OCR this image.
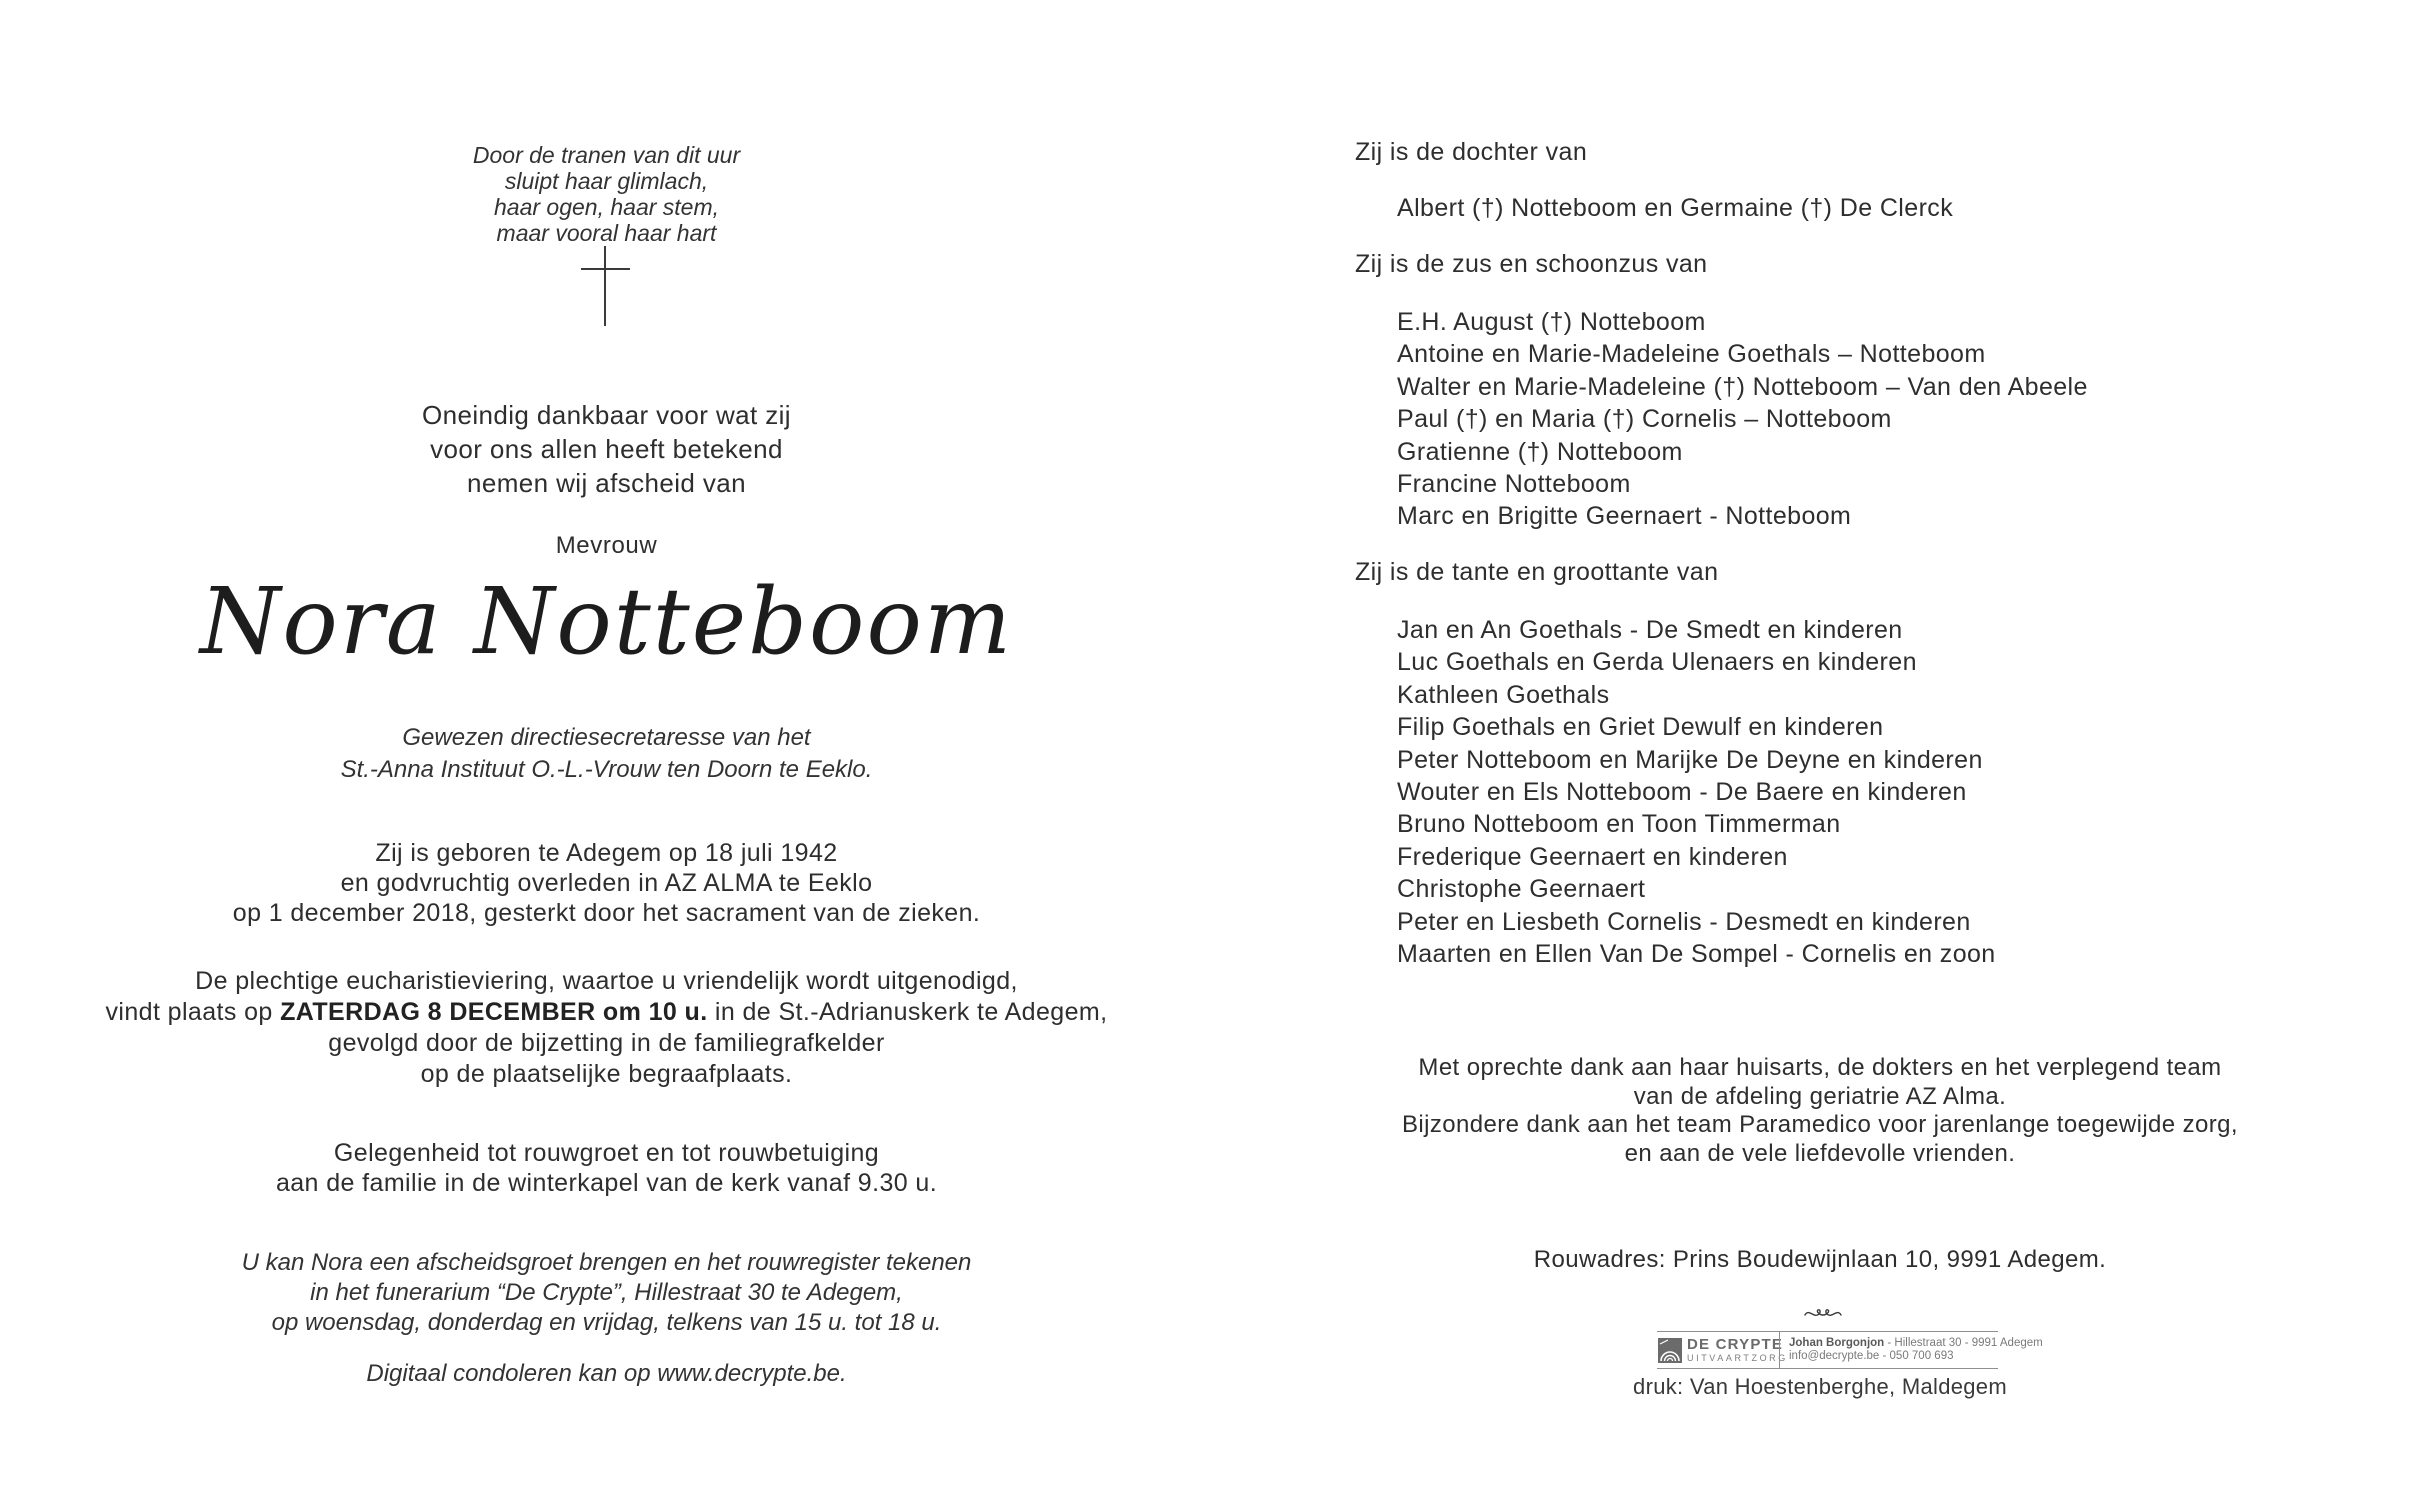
Door de tranen van dit uur
sluipt haar glimlach,
haar ogen, haar stem,
maar vooral haar hart
Oneindig dankbaar voor wat zij
voor ons allen heeft betekend
nemen wij afscheid van
Mevrouw
Nora Notteboom
Gewezen directiesecretaresse van het
St.-Anna Instituut O.-L.-Vrouw ten Doorn te Eeklo.
Zij is geboren te Adegem op 18 juli 1942
en godvruchtig overleden in AZ ALMA te Eeklo
op 1 december 2018, gesterkt door het sacrament van de zieken.
De plechtige eucharistieviering, waartoe u vriendelijk wordt uitgenodigd,
vindt plaats op ZATERDAG 8 DECEMBER om 10 u. in de St.-Adrianuskerk te Adegem,
gevolgd door de bijzetting in de familiegrafkelder
op de plaatselijke begraafplaats.
Gelegenheid tot rouwgroet en tot rouwbetuiging
aan de familie in de winterkapel van de kerk vanaf 9.30 u.
U kan Nora een afscheidsgroet brengen en het rouwregister tekenen
in het funerarium “De Crypte”, Hillestraat 30 te Adegem,
op woensdag, donderdag en vrijdag, telkens van 15 u. tot 18 u.
Digitaal condoleren kan op www.decrypte.be.
Zij is de dochter van
Albert (†) Notteboom en Germaine (†) De Clerck
Zij is de zus en schoonzus van
E.H. August (†) Notteboom
Antoine en Marie-Madeleine Goethals – Notteboom
Walter en Marie-Madeleine (†) Notteboom – Van den Abeele
Paul (†) en Maria (†) Cornelis – Notteboom
Gratienne (†) Notteboom
Francine Notteboom
Marc en Brigitte Geernaert - Notteboom
Zij is de tante en groottante van
Jan en An Goethals - De Smedt en kinderen
Luc Goethals en Gerda Ulenaers en kinderen
Kathleen Goethals
Filip Goethals en Griet Dewulf en kinderen
Peter Notteboom en Marijke De Deyne en kinderen
Wouter en Els Notteboom - De Baere en kinderen
Bruno Notteboom en Toon Timmerman
Frederique Geernaert en kinderen
Christophe Geernaert
Peter en Liesbeth Cornelis - Desmedt en kinderen
Maarten en Ellen Van De Sompel - Cornelis en zoon
Met oprechte dank aan haar huisarts, de dokters en het verplegend team
van de afdeling geriatrie AZ Alma.
Bijzondere dank aan het team Paramedico voor jarenlange toegewijde zorg,
en aan de vele liefdevolle vrienden.
Rouwadres: Prins Boudewijnlaan 10, 9991 Adegem.
DE CRYPTE
UITVAARTZORG
Johan Borgonjon - Hillestraat 30 - 9991 Adegem
info@decrypte.be - 050 700 693
druk: Van Hoestenberghe, Maldegem
